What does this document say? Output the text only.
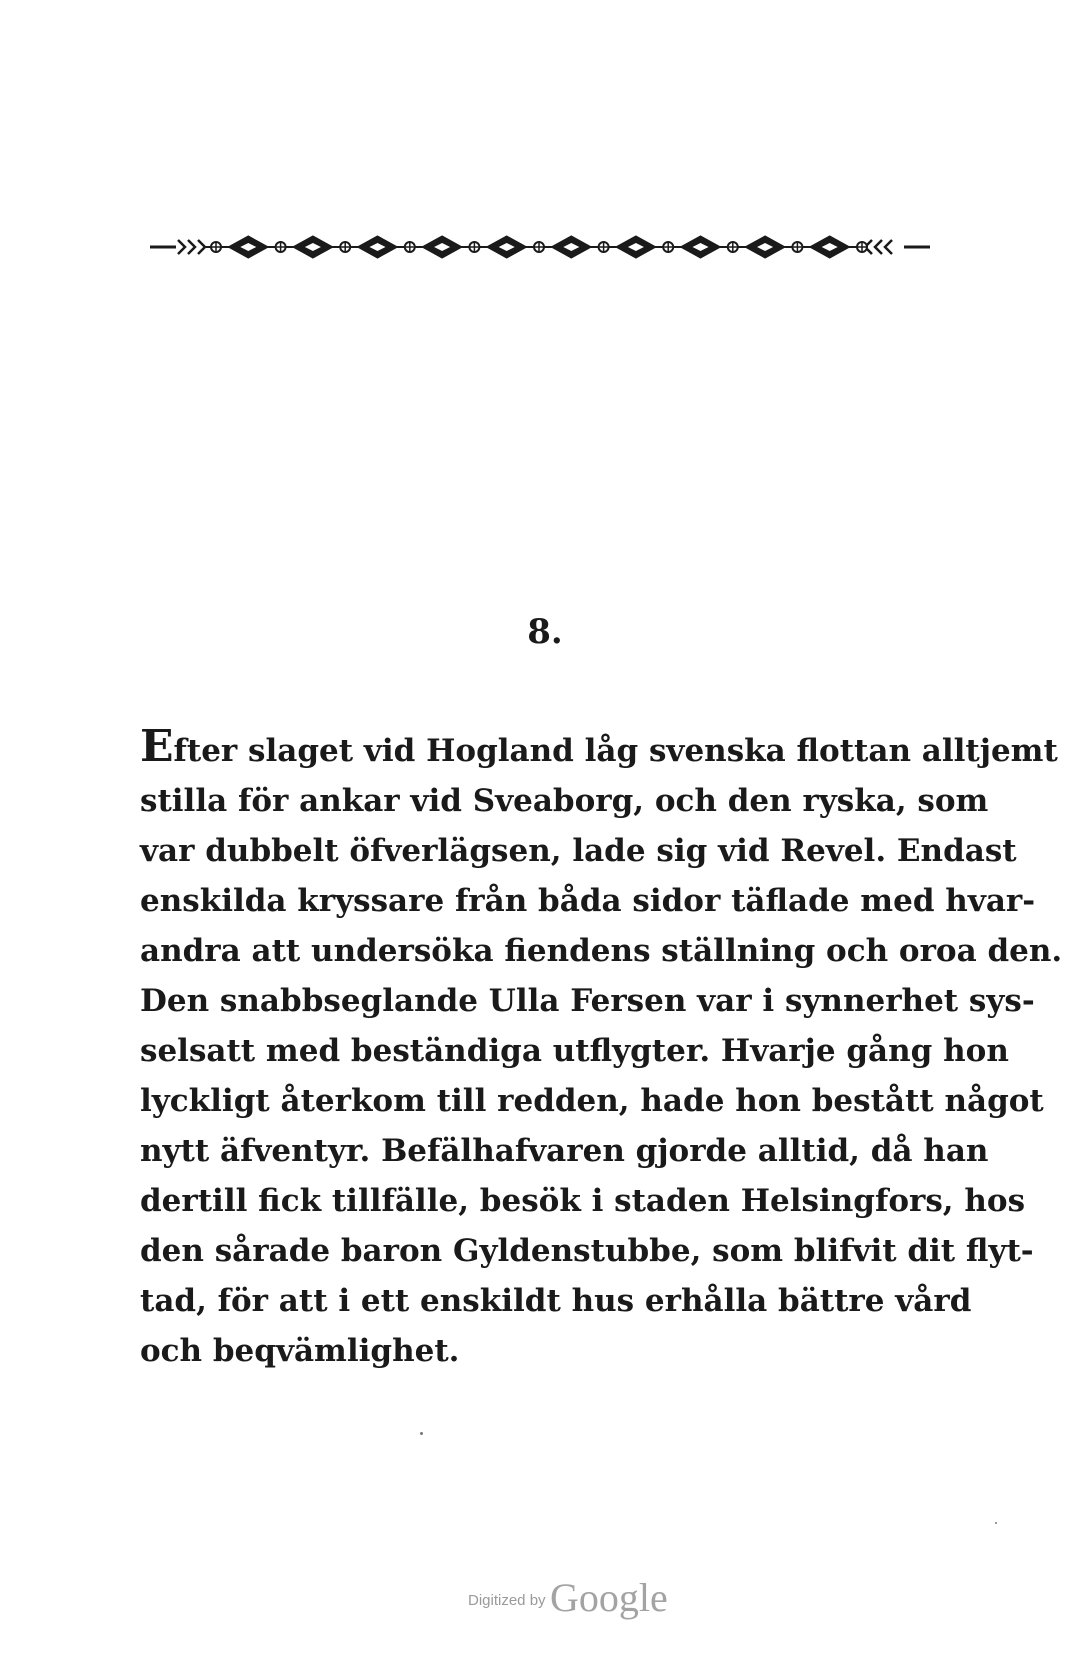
8.
Efter slaget vid Hogland låg svenska flottan alltjemt
stilla för ankar vid Sveaborg, och den ryska, som
var dubbelt öfverlägsen, lade sig vid Revel. Endast
enskilda kryssare från båda sidor täflade med hvar-
andra att undersöka fiendens ställning och oroa den.
Den snabbseglande Ulla Fersen var i synnerhet sys-
selsatt med beständiga utflygter. Hvarje gång hon
lyckligt återkom till redden, hade hon bestått något
nytt äfventyr. Befälhafvaren gjorde alltid, då han
dertill fick tillfälle, besök i staden Helsingfors, hos
den sårade baron Gyldenstubbe, som blifvit dit flyt-
tad, för att i ett enskildt hus erhålla bättre vård
och beqvämlighet.
Digitized by Google
